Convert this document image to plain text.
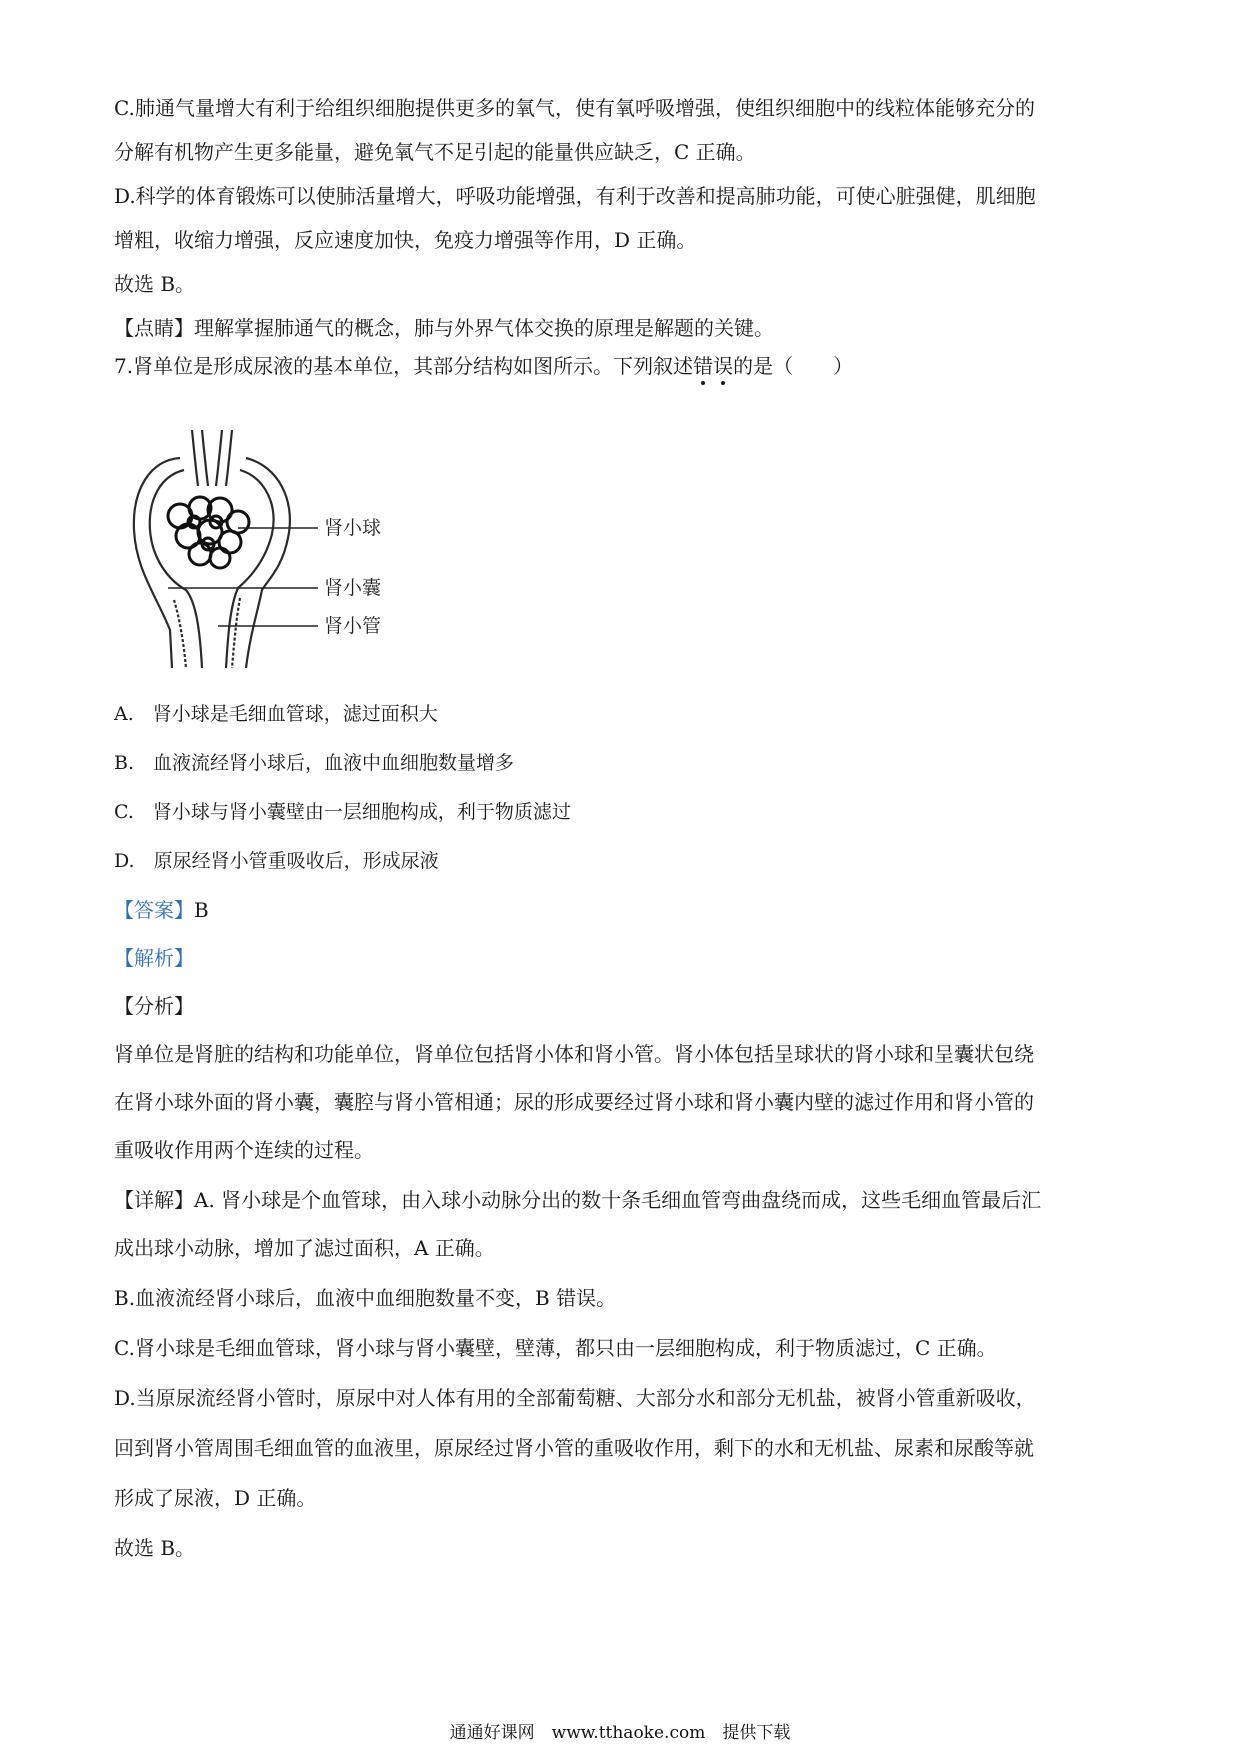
C.肺通气量增大有利于给组织细胞提供更多的氧气，使有氧呼吸增强，使组织细胞中的线粒体能够充分的
分解有机物产生更多能量，避免氧气不足引起的能量供应缺乏，C 正确。
D.科学的体育锻炼可以使肺活量增大，呼吸功能增强，有利于改善和提高肺功能，可使心脏强健，肌细胞
增粗，收缩力增强，反应速度加快，免疫力增强等作用，D 正确。
故选 B。
【点睛】理解掌握肺通气的概念，肺与外界气体交换的原理是解题的关键。
7.肾单位是形成尿液的基本单位，其部分结构如图所示。下列叙述错误的是（　　）
肾小球
肾小囊
肾小管
A.　肾小球是毛细血管球，滤过面积大
B.　血液流经肾小球后，血液中血细胞数量增多
C.　肾小球与肾小囊壁由一层细胞构成，利于物质滤过
D.　原尿经肾小管重吸收后，形成尿液
【答案】B
【解析】
【分析】
肾单位是肾脏的结构和功能单位，肾单位包括肾小体和肾小管。肾小体包括呈球状的肾小球和呈囊状包绕
在肾小球外面的肾小囊，囊腔与肾小管相通；尿的形成要经过肾小球和肾小囊内壁的滤过作用和肾小管的
重吸收作用两个连续的过程。
【详解】A. 肾小球是个血管球，由入球小动脉分出的数十条毛细血管弯曲盘绕而成，这些毛细血管最后汇
成出球小动脉，增加了滤过面积，A 正确。
B.血液流经肾小球后，血液中血细胞数量不变，B 错误。
C.肾小球是毛细血管球，肾小球与肾小囊壁，壁薄，都只由一层细胞构成，利于物质滤过，C 正确。
D.当原尿流经肾小管时，原尿中对人体有用的全部葡萄糖、大部分水和部分无机盐，被肾小管重新吸收，
回到肾小管周围毛细血管的血液里，原尿经过肾小管的重吸收作用，剩下的水和无机盐、尿素和尿酸等就
形成了尿液，D 正确。
故选 B。
通通好课网　www.tthaoke.com　提供下载
